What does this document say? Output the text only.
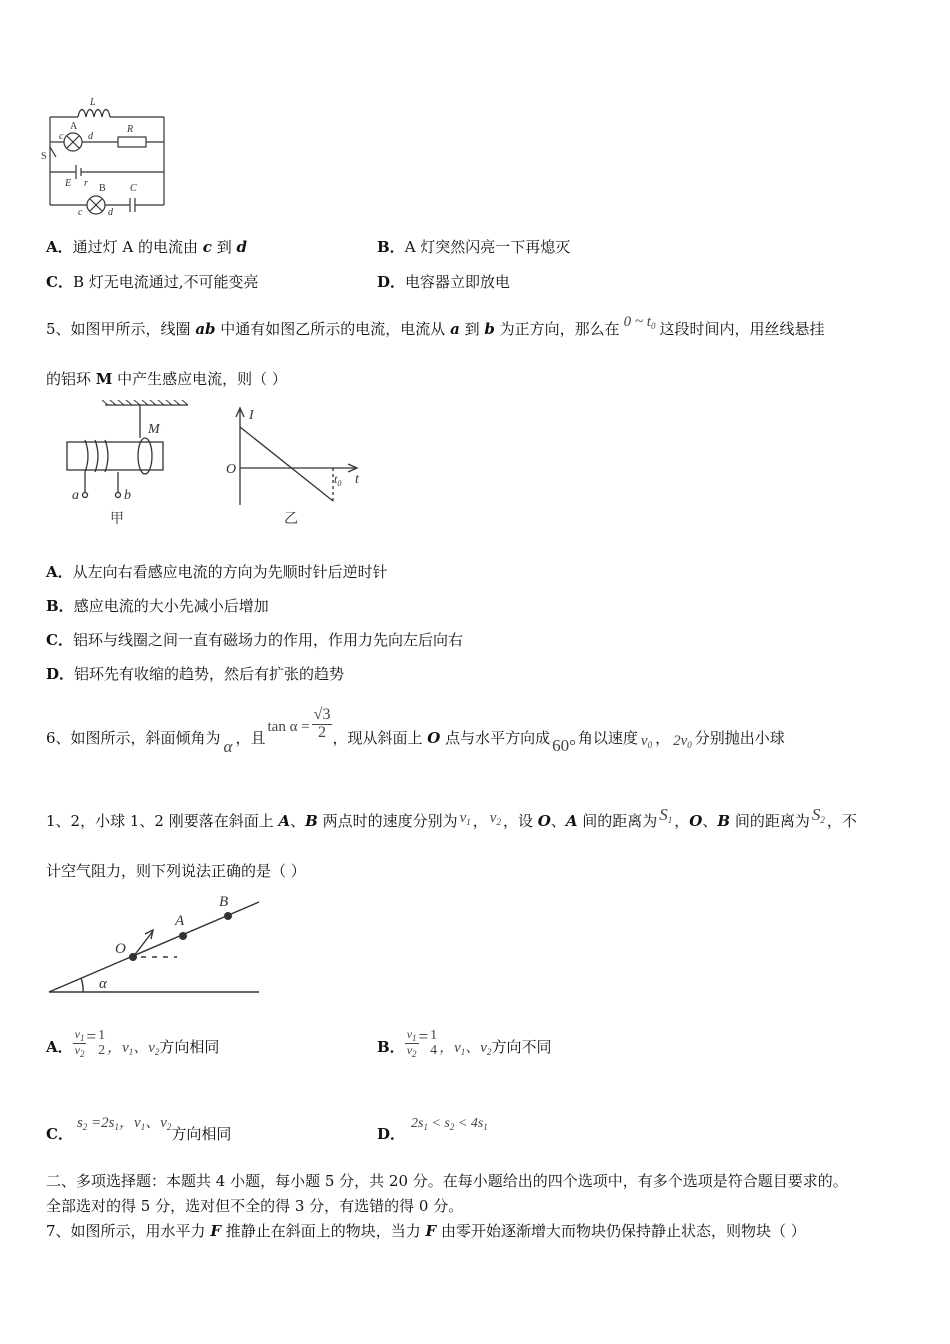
L
A
c d
R
S
E r B C
c	d
A．通过灯 A 的电流由 c 到 d	B．A 灯突然闪亮一下再熄灭
C．B 灯无电流通过,不可能变亮	D．电容器立即放电
5、如图甲所示，线圈 ab 中通有如图乙所示的电流，电流从 a 到 b 为正方向，那么在 0 ~ $t_0$ 这段时间内，用丝线悬挂
的铝环 M 中产生感应电流，则（ ）
M
a	b
甲
I
O
$t_0$ t
乙
A．从左向右看感应电流的方向为先顺时针后逆时针
B．感应电流的大小先减小后增加
C．铝环与线圈之间一直有磁场力的作用，作用力先向左后向右
D．铝环先有收缩的趋势，然后有扩张的趋势
6、如图所示，斜面倾角为 α ，且$\tan \alpha = \frac{√3}{2}$ ，现从斜面上 O 点与水平方向成 60° 角以速度 $v_0$ ， $2v_0$ 分别抛出小球
1、2，小球 1、2 刚要落在斜面上 A、B 两点时的速度分别为 $v_1$ ， $v_2$ ，设 O、A 间的距离为 $S_1$ ，O、B 间的距离为 $S_2$ ，不
计空气阻力，则下列说法正确的是（ ）
O
A
B
α
A． $\frac{v_1}{v_2} = 1$
2 ，$v_1$、$v_2$方向相同	B． $\frac{v_1}{v_2} = 1$
4 ，$v_1$、$v_2$方向不同
C．$s_2 =2s_1$，$v_1$、$v_2$方向相同	D．$2s_1 < s_2 < 4s_1$
二、多项选择题：本题共 4 小题，每小题 5 分，共 20 分。在每小题给出的四个选项中，有多个选项是符合题目要求的。
全部选对的得 5 分，选对但不全的得 3 分，有选错的得 0 分。
7、如图所示，用水平力 F 推静止在斜面上的物块，当力 F 由零开始逐渐增大而物块仍保持静止状态，则物块（ ）
